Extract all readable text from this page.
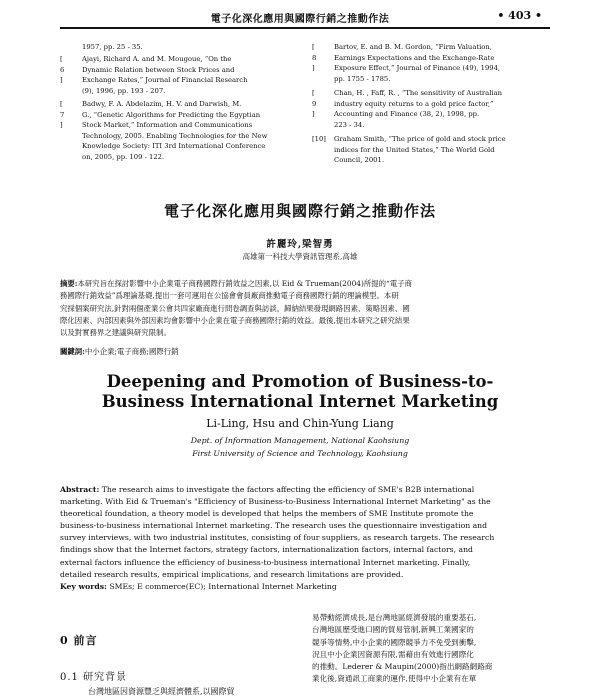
電子化深化應用與國際行銷之推動作法	• 403 •
1957, pp. 25 - 35.
[ 6 ]
Ajayi, Richard A. and M. Mougoue, “On the
Dynamic Relation between Stock Prices and
Exchange Rates,” Journal of Financial Research
(9), 1996, pp. 193 - 207.
[ 7 ]
Badwy, F. A. Abdelazim, H. V. and Darwish, M.
G., “Genetic Algorithms for Predicting the Egyptian
Stock Market,” Information and Communications
Technology, 2005. Enabling Technologies for the New
Knowledge Society: ITI 3rd International Conference
on, 2005, pp. 109 - 122.
[ 8 ]
Bartov, E. and B. M. Gordon, “Firm Valuation,
Earnings Expectations and the Exchange-Rate
Exposure Effect,” Journal of Finance (49), 1994,
pp. 1755 - 1785.
[ 9 ]
Chan, H. , Faff, R. , “The sensitivity of Australian
industry equity returns to a gold price factor,”
Accounting and Finance (38, 2), 1998, pp.
223 - 34.
[10] Graham Smith, “The price of gold and stock price
indices for the United States,” The World Gold
Council, 2001.
電子化深化應用與國際行銷之推動作法
許麗玲,梁智勇
高雄第一科技大學資訊管理系,高雄
摘要:本研究旨在探討影響中小企業電子商務國際行銷效益之因素,以 Eid & Trueman(2004)所提的“電子商
務國際行銷效益”爲理論基礎,提出一套可運用在公協會會員廠商推動電子商務國際行銷的理論模型。本研
究採個案研究法,針對兩個產業公會共四家廠商進行問卷調查與訪談。歸納結果發現網路因素、策略因素、國
際化因素、內部因素與外部因素均會影響中小企業在電子商務國際行銷的效益。最後,提出本研究之研究結果
以及對實務界之建議與研究限制。
關鍵詞:中小企業;電子商務;國際行銷
Deepening and Promotion of Business-to-
Business International Internet Marketing
Li-Ling, Hsu and Chin-Yung Liang
Dept. of Information Management, National Kaohsiung
First University of Science and Technology, Kaohsiung
Abstract: The research aims to investigate the factors affecting the efficiency of SME's B2B international
marketing. With Eid & Trueman's "Efficiency of Business-to-Business International Internet Marketing" as the
theoretical foundation, a theory model is developed that helps the members of SME Institute promote the
business-to-business international Internet marketing. The research uses the questionnaire investigation and
survey interviews, with two industrial institutes, consisting of four suppliers, as research targets. The research
findings show that the Internet factors, strategy factors, internationalization factors, internal factors, and
external factors influence the efficiency of business-to-business international Internet marketing. Finally,
detailed research results, empirical implications, and research limitations are provided.
Key words: SMEs; E commerce(EC); International Internet Marketing
0 前言
0.1 研究背景
台灣地區因資源豐乏與經濟體系,以國際貿
易帶動經濟成長,是台灣地區經濟發展的重要基石,
台灣地區歷受進口國的貿易管制,新興工業國家的
競爭等情勢,中小企業的國際競爭力不免受到衝擊,
況且中小企業因資源有限,需藉由有效進行國際化
的推動。Lederer & Maupin(2000)指出網路網路商
業化後,資通訊工商業的運作,使得中小企業有在單
